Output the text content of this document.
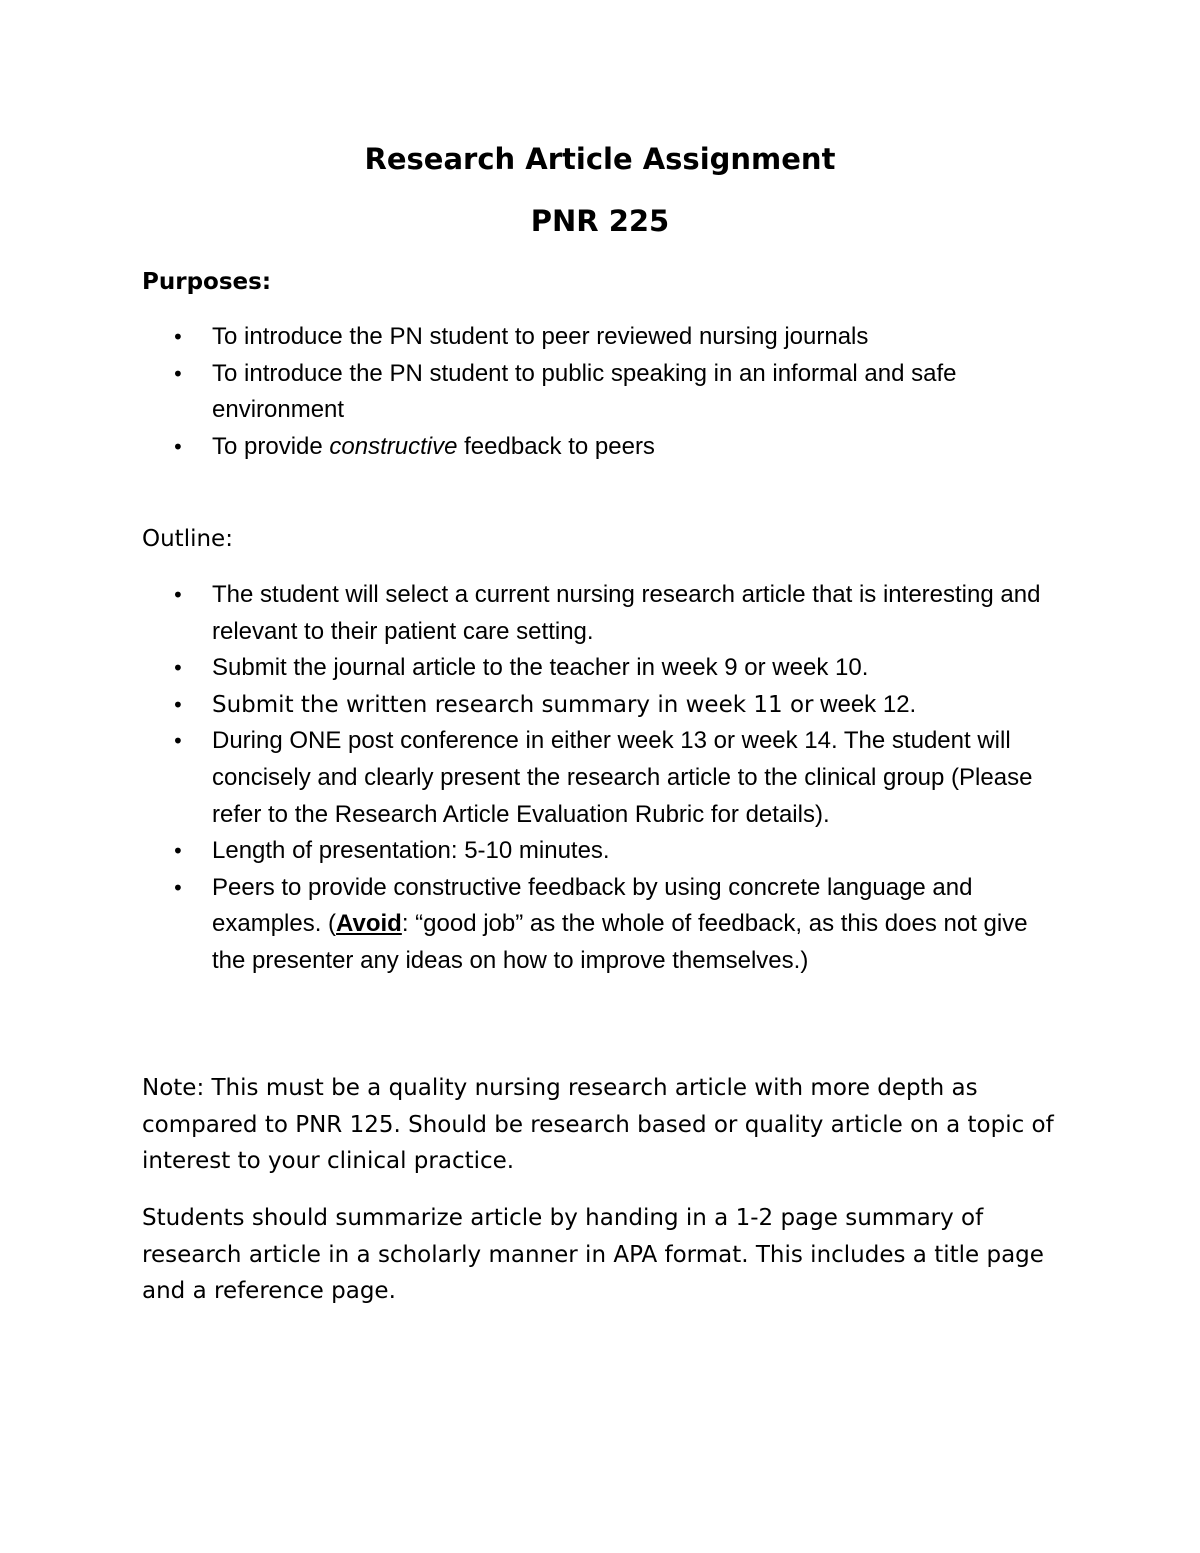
Research Article Assignment
PNR 225

Purposes:

• To introduce the PN student to peer reviewed nursing journals
• To introduce the PN student to public speaking in an informal and safe environment
• To provide constructive feedback to peers

Outline:

• The student will select a current nursing research article that is interesting and relevant to their patient care setting.
• Submit the journal article to the teacher in week 9 or week 10.
• Submit the written research summary in week 11 or week 12.
• During ONE post conference in either week 13 or week 14. The student will concisely and clearly present the research article to the clinical group (Please refer to the Research Article Evaluation Rubric for details).
• Length of presentation: 5-10 minutes.
• Peers to provide constructive feedback by using concrete language and examples. (Avoid: “good job” as the whole of feedback, as this does not give the presenter any ideas on how to improve themselves.)

Note: This must be a quality nursing research article with more depth as compared to PNR 125. Should be research based or quality article on a topic of interest to your clinical practice.

Students should summarize article by handing in a 1-2 page summary of research article in a scholarly manner in APA format. This includes a title page and a reference page.
